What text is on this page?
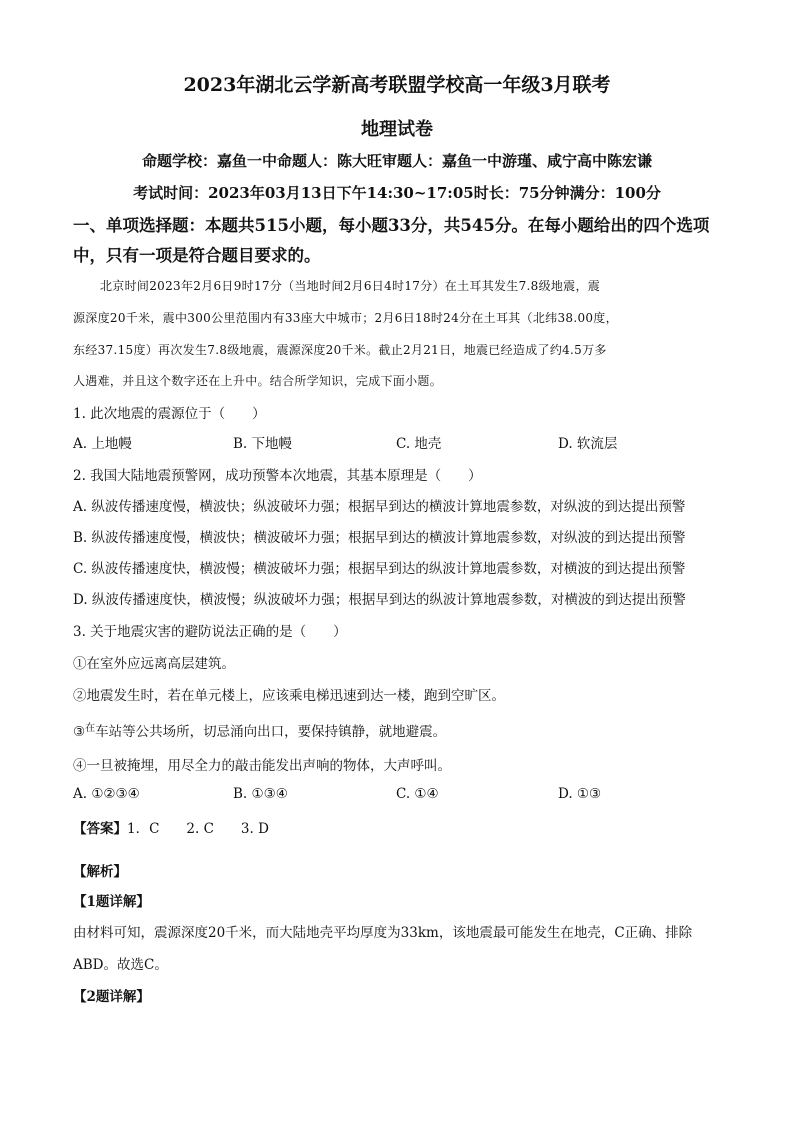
2023年湖北云学新高考联盟学校高一年级3月联考
地理试卷
命题学校：嘉鱼一中命题人：陈大旺审题人：嘉鱼一中游瑾、咸宁高中陈宏谦
考试时间：2023年03月13日下午14:30~17:05时长：75分钟满分：100分
一、单项选择题：本题共515小题，每小题33分，共545分。在每小题给出的四个选项
中，只有一项是符合题目要求的。
北京时间2023年2月6日9时17分（当地时间2月6日4时17分）在土耳其发生7.8级地震，震
源深度20千米，震中300公里范围内有33座大中城市；2月6日18时24分在土耳其（北纬38.00度，
东经37.15度）再次发生7.8级地震，震源深度20千米。截止2月21日，地震已经造成了约4.5万多
人遇难，并且这个数字还在上升中。结合所学知识，完成下面小题。
1. 此次地震的震源位于（　　）
A. 上地幔	B. 下地幔	C. 地壳	D. 软流层
2. 我国大陆地震预警网，成功预警本次地震，其基本原理是（　　）
A. 纵波传播速度慢，横波快；纵波破坏力强；根据早到达的横波计算地震参数，对纵波的到达提出预警
B. 纵波传播速度慢，横波快；横波破坏力强；根据早到达的横波计算地震参数，对纵波的到达提出预警
C. 纵波传播速度快，横波慢；横波破坏力强；根据早到达的纵波计算地震参数，对横波的到达提出预警
D. 纵波传播速度快，横波慢；纵波破坏力强；根据早到达的纵波计算地震参数，对横波的到达提出预警
3. 关于地震灾害的避防说法正确的是（　　）
①在室外应远离高层建筑。
②地震发生时，若在单元楼上，应该乘电梯迅速到达一楼，跑到空旷区。
③$^在$车站等公共场所，切忌涌向出口，要保持镇静，就地避震。
④一旦被掩埋，用尽全力的敲击能发出声响的物体，大声呼叫。
A. ①②③④	B. ①③④	C. ①④	D. ①③
【答案】1．C　　2. C　　3. D
【解析】
【1题详解】
由材料可知，震源深度20千米，而大陆地壳平均厚度为33km，该地震最可能发生在地壳，C正确、排除
ABD。故选C。
【2题详解】
